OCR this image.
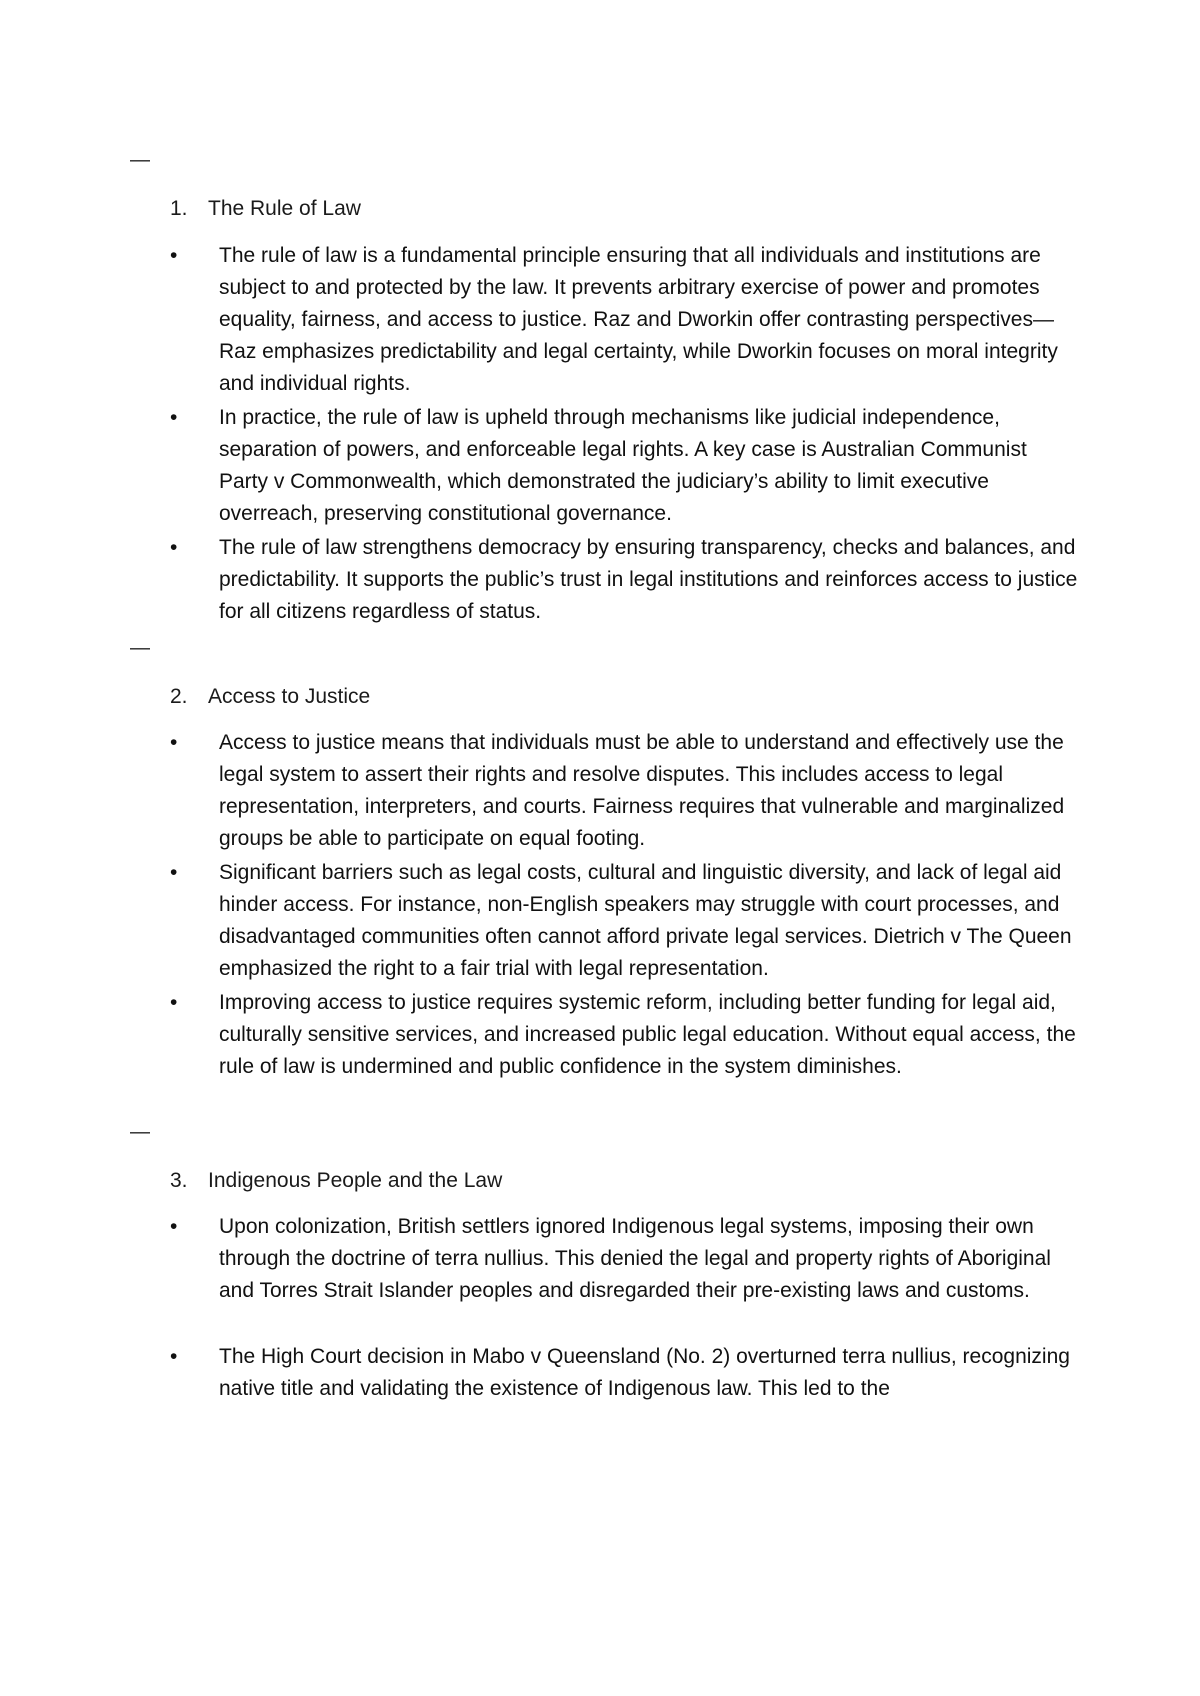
—
1. The Rule of Law
•	The rule of law is a fundamental principle ensuring that all individuals and institutions are subject to and protected by the law. It prevents arbitrary exercise of power and promotes equality, fairness, and access to justice. Raz and Dworkin offer contrasting perspectives—Raz emphasizes predictability and legal certainty, while Dworkin focuses on moral integrity and individual rights.
•	In practice, the rule of law is upheld through mechanisms like judicial independence, separation of powers, and enforceable legal rights. A key case is Australian Communist Party v Commonwealth, which demonstrated the judiciary’s ability to limit executive overreach, preserving constitutional governance.
•	The rule of law strengthens democracy by ensuring transparency, checks and balances, and predictability. It supports the public’s trust in legal institutions and reinforces access to justice for all citizens regardless of status.
—
2. Access to Justice
•	Access to justice means that individuals must be able to understand and effectively use the legal system to assert their rights and resolve disputes. This includes access to legal representation, interpreters, and courts. Fairness requires that vulnerable and marginalized groups be able to participate on equal footing.
•	Significant barriers such as legal costs, cultural and linguistic diversity, and lack of legal aid hinder access. For instance, non-English speakers may struggle with court processes, and disadvantaged communities often cannot afford private legal services. Dietrich v The Queen emphasized the right to a fair trial with legal representation.
•	Improving access to justice requires systemic reform, including better funding for legal aid, culturally sensitive services, and increased public legal education. Without equal access, the rule of law is undermined and public confidence in the system diminishes.
—
3. Indigenous People and the Law
•	Upon colonization, British settlers ignored Indigenous legal systems, imposing their own through the doctrine of terra nullius. This denied the legal and property rights of Aboriginal and Torres Strait Islander peoples and disregarded their pre-existing laws and customs.
•	The High Court decision in Mabo v Queensland (No. 2) overturned terra nullius, recognizing native title and validating the existence of Indigenous law. This led to the
